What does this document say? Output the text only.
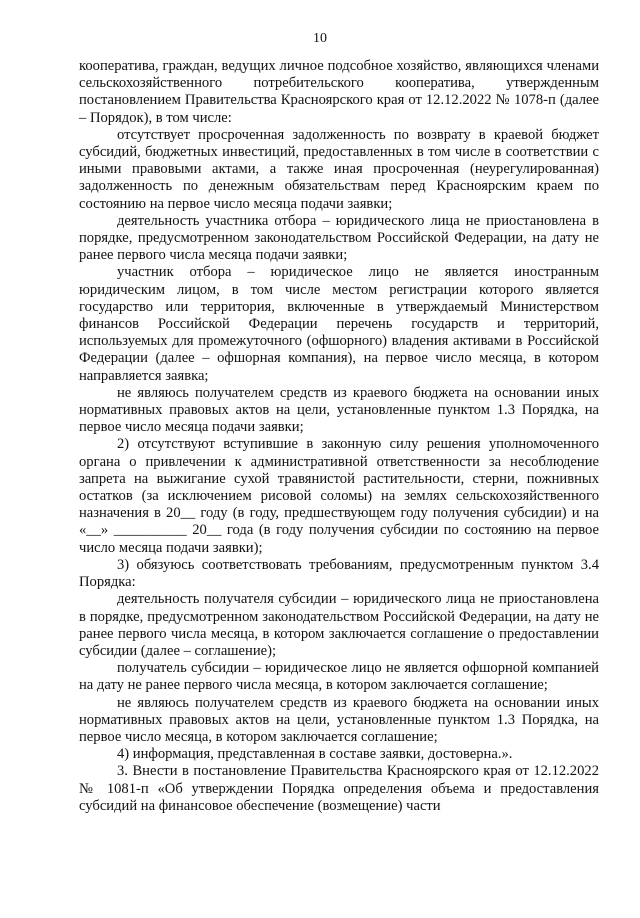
10

кооператива, граждан, ведущих личное подсобное хозяйство, являющихся членами сельскохозяйственного потребительского кооператива, утвержденным постановлением Правительства Красноярского края от 12.12.2022 № 1078-п (далее – Порядок), в том числе:

отсутствует просроченная задолженность по возврату в краевой бюджет субсидий, бюджетных инвестиций, предоставленных в том числе в соответствии с иными правовыми актами, а также иная просроченная (неурегулированная) задолженность по денежным обязательствам перед Красноярским краем по состоянию на первое число месяца подачи заявки;

деятельность участника отбора – юридического лица не приостановлена в порядке, предусмотренном законодательством Российской Федерации, на дату не ранее первого числа месяца подачи заявки;

участник отбора – юридическое лицо не является иностранным юридическим лицом, в том числе местом регистрации которого является государство или территория, включенные в утверждаемый Министерством финансов Российской Федерации перечень государств и территорий, используемых для промежуточного (офшорного) владения активами в Российской Федерации (далее – офшорная компания), на первое число месяца, в котором направляется заявка;

не являюсь получателем средств из краевого бюджета на основании иных нормативных правовых актов на цели, установленные пунктом 1.3 Порядка, на первое число месяца подачи заявки;

2) отсутствуют вступившие в законную силу решения уполномоченного органа о привлечении к административной ответственности за несоблюдение запрета на выжигание сухой травянистой растительности, стерни, пожнивных остатков (за исключением рисовой соломы) на землях сельскохозяйственного назначения в 20__ году (в году, предшествующем году получения субсидии) и на «__» __________ 20__ года (в году получения субсидии по состоянию на первое число месяца подачи заявки);

3) обязуюсь соответствовать требованиям, предусмотренным пунктом 3.4 Порядка:

деятельность получателя субсидии – юридического лица не приостановлена в порядке, предусмотренном законодательством Российской Федерации, на дату не ранее первого числа месяца, в котором заключается соглашение о предоставлении субсидии (далее – соглашение);

получатель субсидии – юридическое лицо не является офшорной компанией на дату не ранее первого числа месяца, в котором заключается соглашение;

не являюсь получателем средств из краевого бюджета на основании иных нормативных правовых актов на цели, установленные пунктом 1.3 Порядка, на первое число месяца, в котором заключается соглашение;

4) информация, представленная в составе заявки, достоверна.».

3. Внести в постановление Правительства Красноярского края от 12.12.2022 № 1081-п «Об утверждении Порядка определения объема и предоставления субсидий на финансовое обеспечение (возмещение) части
